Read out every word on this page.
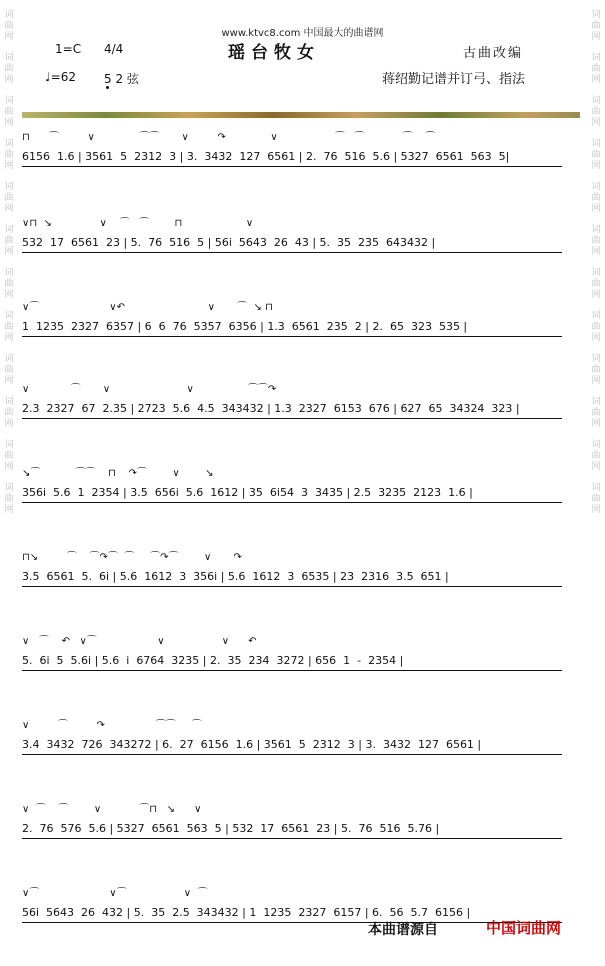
词
曲
网
词
曲
网
词
曲
网
词
曲
网
词
曲
网
词
曲
网
词
曲
网
词
曲
网
词
曲
网
词
曲
网
词
曲
网
词
曲
网
词
曲
网
词
曲
网
词
曲
网
词
曲
网
词
曲
网
词
曲
网
词
曲
网
词
曲
网
词
曲
网
词
曲
网
词
曲
网
词
曲
网
www.ktvc8.com 中国最大的曲谱网
瑶台牧女
1=C 4/4	古曲改编
♩=62 5 2 弦	蒋绍勤记谱并订弓、指法
⊓      ⌒         ∨              ⌒⌒       ∨         ↷              ∨                  ⌒   ⌒            ⌒    ⌒
6156  1.6 | 3561  5  2312  3 | 3.  3432  127  6561 | 2.  76  516  5.6 | 5327  6561  563  5|
∨⊓  ↘               ∨    ⌒   ⌒        ⊓                    ∨
532  17  6561  23 | 5.  76  516  5 | 56i  5643  26  43 | 5.  35  235  643432 |
∨⌒                      ∨↶                          ∨       ⌒  ↘ ⊓
1  1235  2327  6357 | 6  6  76  5357  6356 | 1.3  6561  235  2 | 2.  65  323  535 |
∨             ⌒       ∨                        ∨                 ⌒⌒↷
2.3  2327  67  2.35 | 2723  5.6  4.5  343432 | 1.3  2327  6153  676 | 627  65  34324  323 |
↘⌒           ⌒⌒    ⊓    ↷⌒        ∨        ↘
356i  5.6  1  2354 | 3.5  656i  5.6  1612 | 35  6i54  3  3435 | 2.5  3235  2123  1.6 |
⊓↘         ⌒    ⌒↷⌒  ⌒     ⌒↷⌒        ∨       ↷
3.5  6561  5.  6i | 5.6  1612  3  356i | 5.6  1612  3  6535 | 23  2316  3.5  651 |
∨   ⌒    ↶   ∨⌒                   ∨                  ∨      ↶
5.  6i  5  5.6i | 5.6  i  6764  3235 | 2.  35  234  3272 | 656  1  -  2354 |
∨         ⌒         ↷                ⌒⌒     ⌒
3.4  3432  726  343272 | 6.  27  6156  1.6 | 3561  5  2312  3 | 3.  3432  127  6561 |
∨  ⌒    ⌒        ∨            ⌒⊓   ↘      ∨
2.  76  576  5.6 | 5327  6561  563  5 | 532  17  6561  23 | 5.  76  516  5.76 |
∨⌒                      ∨⌒                  ∨  ⌒
56i  5643  26  432 | 5.  35  2.5  343432 | 1  1235  2327  6157 | 6.  56  5.7  6156 |
本曲谱源自	中国词曲网
